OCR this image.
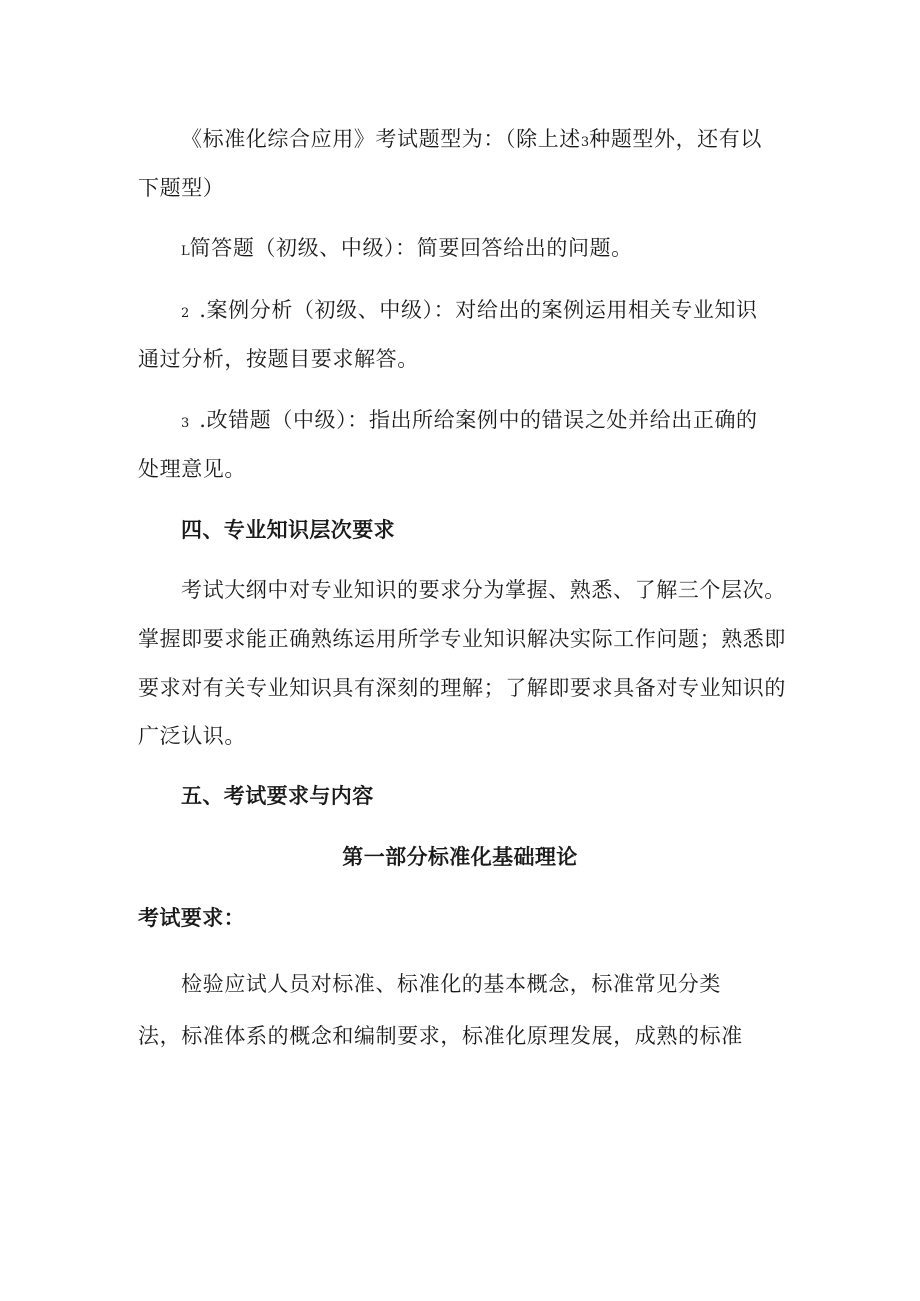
《标准化综合应用》考试题型为：（除上述3种题型外，还有以
下题型）
L简答题（初级、中级）：简要回答给出的问题。
2 .案例分析（初级、中级）：对给出的案例运用相关专业知识
通过分析，按题目要求解答。
3 .改错题（中级）：指出所给案例中的错误之处并给出正确的
处理意见。
四、专业知识层次要求
考试大纲中对专业知识的要求分为掌握、熟悉、了解三个层次。
掌握即要求能正确熟练运用所学专业知识解决实际工作问题；熟悉即
要求对有关专业知识具有深刻的理解；了解即要求具备对专业知识的
广泛认识。
五、考试要求与内容
第一部分标准化基础理论
考试要求：
检验应试人员对标准、标准化的基本概念，标准常见分类
法，标准体系的概念和编制要求，标准化原理发展，成熟的标准
